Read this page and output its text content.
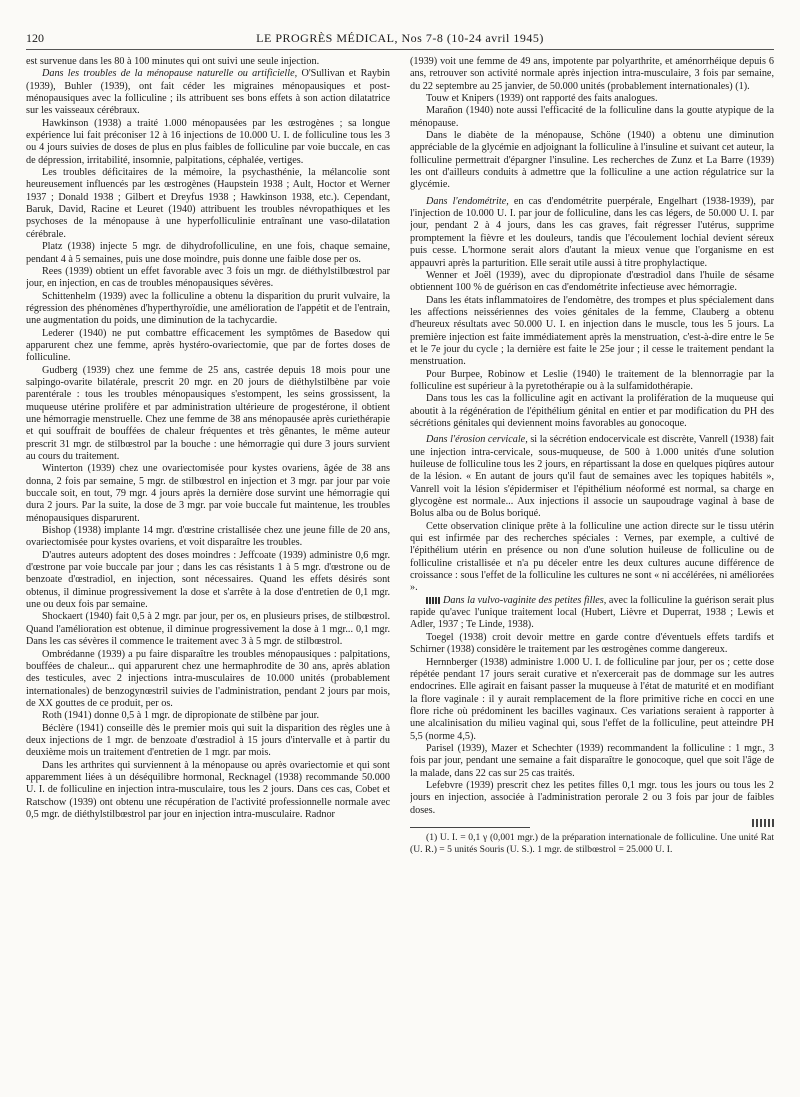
120	LE PROGRÈS MÉDICAL, Nos 7-8 (10-24 avril 1945)

est survenue dans les 80 à 100 minutes qui ont suivi une seule injection.

Dans les troubles de la ménopause naturelle ou artificielle, O'Sullivan et Raybin (1939), Buhler (1939), ont fait céder les migraines ménopausiques et post-ménopausiques avec la folliculine ; ils attribuent ses bons effets à son action dilatatrice sur les vaisseaux cérébraux.

Hawkinson (1938) a traité 1.000 ménopausées par les œstrogènes ; sa longue expérience lui fait préconiser 12 à 16 injections de 10.000 U. I. de folliculine tous les 3 ou 4 jours suivies de doses de plus en plus faibles de folliculine par voie buccale, en cas de dépression, irritabilité, insomnie, palpitations, céphalée, vertiges.

Les troubles déficitaires de la mémoire, la psychasthénie, la mélancolie sont heureusement influencés par les œstrogènes (Haupstein 1938 ; Ault, Hoctor et Werner 1937 ; Donald 1938 ; Gilbert et Dreyfus 1938 ; Hawkinson 1938, etc.). Cependant, Baruk, David, Racine et Leuret (1940) attribuent les troubles névropathiques et les psychoses de la ménopause à une hyperfolliculinie entraînant une vaso-dilatation cérébrale.

Platz (1938) injecte 5 mgr. de dihydrofolliculine, en une fois, chaque semaine, pendant 4 à 5 semaines, puis une dose moindre, puis donne une faible dose per os.

Rees (1939) obtient un effet favorable avec 3 fois un mgr. de diéthylstilbœstrol par jour, en injection, en cas de troubles ménopausiques sévères.

Schittenhelm (1939) avec la folliculine a obtenu la disparition du prurit vulvaire, la régression des phénomènes d'hyperthyroïdie, une amélioration de l'appétit et de l'entrain, une augmentation du poids, une diminution de la tachycardie.

Lederer (1940) ne put combattre efficacement les symptômes de Basedow qui apparurent chez une femme, après hystéro-ovariectomie, que par de fortes doses de folliculine.

Gudberg (1939) chez une femme de 25 ans, castrée depuis 18 mois pour une salpingo-ovarite bilatérale, prescrit 20 mgr. en 20 jours de diéthylstilbène par voie parentérale : tous les troubles ménopausiques s'estompent, les seins grossissent, la muqueuse utérine prolifère et par administration ultérieure de progestérone, il obtient une hémorragie menstruelle. Chez une femme de 38 ans ménopausée après curiethérapie et qui souffrait de bouffées de chaleur fréquentes et très gênantes, le même auteur prescrit 31 mgr. de stilbœstrol par la bouche : une hémorragie qui dure 3 jours survient au cours du traitement.

Winterton (1939) chez une ovariectomisée pour kystes ovariens, âgée de 38 ans donna, 2 fois par semaine, 5 mgr. de stilbœstrol en injection et 3 mgr. par jour par voie buccale soit, en tout, 79 mgr. 4 jours après la dernière dose survint une hémorragie qui dura 2 jours. Par la suite, la dose de 3 mgr. par voie buccale fut maintenue, les troubles ménopausiques disparurent.

Bishop (1938) implante 14 mgr. d'œstrine cristallisée chez une jeune fille de 20 ans, ovariectomisée pour kystes ovariens, et voit disparaître les troubles.

D'autres auteurs adoptent des doses moindres : Jeffcoate (1939) administre 0,6 mgr. d'œstrone par voie buccale par jour ; dans les cas résistants 1 à 5 mgr. d'œstrone ou de benzoate d'œstradiol, en injection, sont nécessaires. Quand les effets désirés sont obtenus, il diminue progressivement la dose et s'arrête à la dose d'entretien de 0,1 mgr. une ou deux fois par semaine.

Shockaert (1940) fait 0,5 à 2 mgr. par jour, per os, en plusieurs prises, de stilbœstrol. Quand l'amélioration est obtenue, il diminue progressivement la dose à 1 mgr... 0,1 mgr. Dans les cas sévères il commence le traitement avec 3 à 5 mgr. de stilbœstrol.

Ombrédanne (1939) a pu faire disparaître les troubles ménopausiques : palpitations, bouffées de chaleur... qui apparurent chez une hermaphrodite de 30 ans, après ablation des testicules, avec 2 injections intra-musculaires de 10.000 unités (probablement internationales) de benzogynœstril suivies de l'administration, pendant 2 jours par mois, de XX gouttes de ce produit, per os.

Roth (1941) donne 0,5 à 1 mgr. de dipropionate de stilbène par jour.

Béclère (1941) conseille dès le premier mois qui suit la disparition des règles une à deux injections de 1 mgr. de benzoate d'œstradiol à 15 jours d'intervalle et à partir du deuxième mois un traitement d'entretien de 1 mgr. par mois.

Dans les arthrites qui surviennent à la ménopause ou après ovariectomie et qui sont apparemment liées à un déséquilibre hormonal, Recknagel (1938) recommande 50.000 U. I. de folliculine en injection intra-musculaire, tous les 2 jours. Dans ces cas, Cobet et Ratschow (1939) ont obtenu une récupération de l'activité professionnelle normale avec 0,5 mgr. de diéthylstilbœstrol par jour en injection intra-musculaire. Radnor

(1939) voit une femme de 49 ans, impotente par polyarthrite, et aménorrhéique depuis 6 ans, retrouver son activité normale après injection intra-musculaire, 3 fois par semaine, du 22 septembre au 25 janvier, de 50.000 unités (probablement internationales) (1).

Touw et Knipers (1939) ont rapporté des faits analogues.

Marañon (1940) note aussi l'efficacité de la folliculine dans la goutte atypique de la ménopause.

Dans le diabète de la ménopause, Schöne (1940) a obtenu une diminution appréciable de la glycémie en adjoignant la folliculine à l'insuline et suivant cet auteur, la folliculine permettrait d'épargner l'insuline. Les recherches de Zunz et La Barre (1939) les ont d'ailleurs conduits à admettre que la folliculine a une action régulatrice sur la glycémie.

Dans l'endométrite, en cas d'endométrite puerpérale, Engelhart (1938-1939), par l'injection de 10.000 U. I. par jour de folliculine, dans les cas légers, de 50.000 U. I. par jour, pendant 2 à 4 jours, dans les cas graves, fait régresser l'utérus, supprime promptement la fièvre et les douleurs, tandis que l'écoulement lochial devient séreux puis cesse. L'hormone serait alors d'autant la mieux venue que l'organisme en est appauvri après la parturition. Elle serait utile aussi à titre prophylactique.

Wenner et Joël (1939), avec du dipropionate d'œstradiol dans l'huile de sésame obtiennent 100 % de guérison en cas d'endométrite infectieuse avec hémorragie.

Dans les états inflammatoires de l'endomètre, des trompes et plus spécialement dans les affections neissériennes des voies génitales de la femme, Clauberg a obtenu d'heureux résultats avec 50.000 U. I. en injection dans le muscle, tous les 5 jours. La première injection est faite immédiatement après la menstruation, c'est-à-dire entre le 5e et le 7e jour du cycle ; la dernière est faite le 25e jour ; il cesse le traitement pendant la menstruation.

Pour Burpee, Robinow et Leslie (1940) le traitement de la blennorragie par la folliculine est supérieur à la pyretothérapie ou à la sulfamidothérapie.

Dans tous les cas la folliculine agit en activant la prolifération de la muqueuse qui aboutit à la régénération de l'épithélium génital en entier et par modification du PH des sécrétions génitales qui deviennent moins favorables au gonocoque.

Dans l'érosion cervicale, si la sécrétion endocervicale est discrète, Vanrell (1938) fait une injection intra-cervicale, sous-muqueuse, de 500 à 1.000 unités d'une solution huileuse de folliculine tous les 2 jours, en répartissant la dose en quelques piqûres autour de la lésion. « En autant de jours qu'il faut de semaines avec les topiques habitéls », Vanrell voit la lésion s'épidermiser et l'épithélium néoformé est normal, sa charge en glycogène est normale... Aux injections il associe un saupoudrage vaginal à base de Bolus alba ou de Bolus boriqué.

Cette observation clinique prête à la folliculine une action directe sur le tissu utérin qui est infirmée par des recherches spéciales : Vernes, par exemple, a cultivé de l'épithélium utérin en présence ou non d'une solution huileuse de folliculine ou de folliculine cristallisée et n'a pu déceler entre les deux cultures aucune différence de croissance : sous l'effet de la folliculine les cultures ne sont « ni accélérées, ni améliorées ».

Dans la vulvo-vaginite des petites filles, avec la folliculine la guérison serait plus rapide qu'avec l'unique traitement local (Hubert, Lièvre et Duperrat, 1938 ; Lewis et Adler, 1937 ; Te Linde, 1938).

Toegel (1938) croit devoir mettre en garde contre d'éventuels effets tardifs et Schirner (1938) considère le traitement par les œstrogènes comme dangereux.

Hernnberger (1938) administre 1.000 U. I. de folliculine par jour, per os ; cette dose répétée pendant 17 jours serait curative et n'exercerait pas de dommage sur les autres endocrines. Elle agirait en faisant passer la muqueuse à l'état de maturité et en modifiant la flore vaginale : il y aurait remplacement de la flore primitive riche en cocci en une flore riche où prédominent les bacilles vaginaux. Ces variations seraient à rapporter à une alcalinisation du milieu vaginal qui, sous l'effet de la folliculine, peut atteindre PH 5,5 (norme 4,5).

Parisel (1939), Mazer et Schechter (1939) recommandent la folliculine : 1 mgr., 3 fois par jour, pendant une semaine a fait disparaître le gonocoque, quel que soit l'âge de la malade, dans 22 cas sur 25 cas traités.

Lefebvre (1939) prescrit chez les petites filles 0,1 mgr. tous les jours ou tous les 2 jours en injection, associée à l'administration perorale 2 ou 3 fois par jour de faibles doses.

(1) U. I. = 0,1 γ (0,001 mgr.) de la préparation internationale de folliculine. Une unité Rat (U. R.) = 5 unités Souris (U. S.). 1 mgr. de stilbœstrol = 25.000 U. I.
